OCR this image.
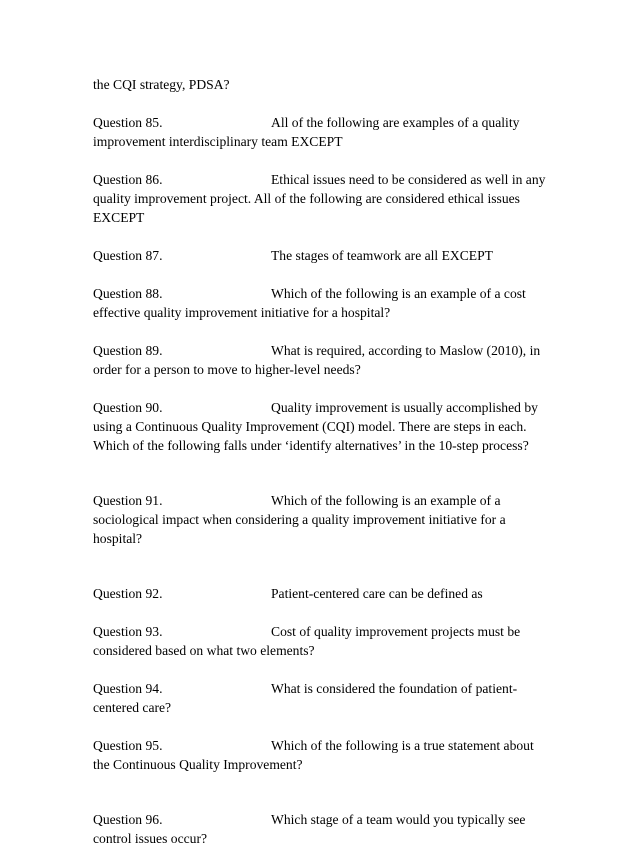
the CQI strategy, PDSA?

Question 85.	All of the following are examples of a quality improvement interdisciplinary team EXCEPT

Question 86.	Ethical issues need to be considered as well in any quality improvement project. All of the following are considered ethical issues EXCEPT

Question 87.	The stages of teamwork are all EXCEPT

Question 88.	Which of the following is an example of a cost effective quality improvement initiative for a hospital?

Question 89.	What is required, according to Maslow (2010), in order for a person to move to higher-level needs?

Question 90.	Quality improvement is usually accomplished by using a Continuous Quality Improvement (CQI) model. There are steps in each. Which of the following falls under ‘identify alternatives’ in the 10-step process?

Question 91.	Which of the following is an example of a sociological impact when considering a quality improvement initiative for a hospital?

Question 92.	Patient-centered care can be defined as

Question 93.	Cost of quality improvement projects must be considered based on what two elements?

Question 94.	What is considered the foundation of patient-centered care?

Question 95.	Which of the following is a true statement about the Continuous Quality Improvement?

Question 96.	Which stage of a team would you typically see control issues occur?
